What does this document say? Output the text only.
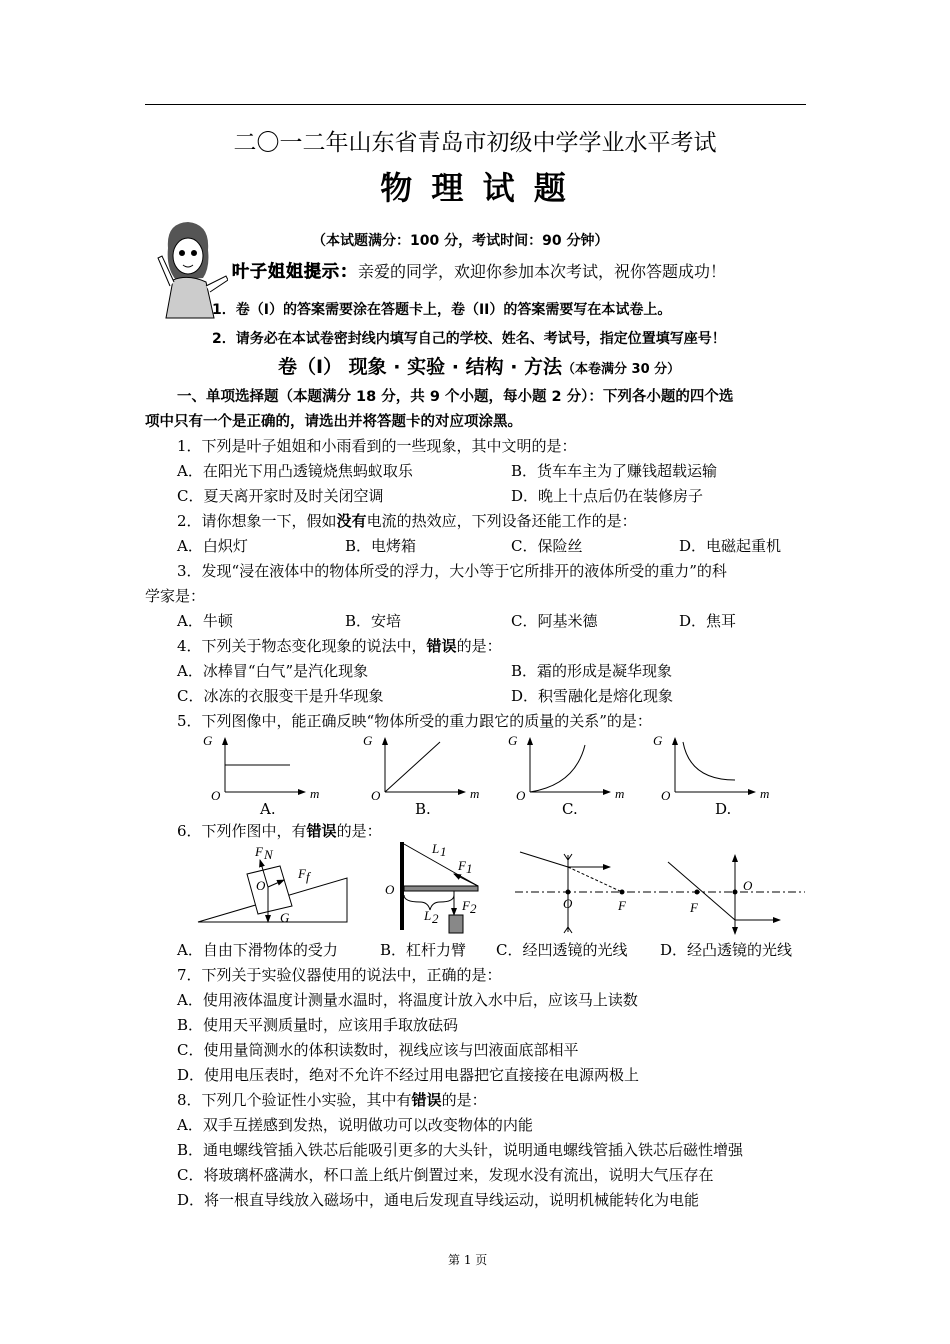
二〇一二年山东省青岛市初级中学学业水平考试
物 理 试 题
（本试题满分：100 分，考试时间：90 分钟）
叶子姐姐提示：亲爱的同学，欢迎你参加本次考试，祝你答题成功！
1．卷（I）的答案需要涂在答题卡上，卷（II）的答案需要写在本试卷上。
2．请务必在本试卷密封线内填写自己的学校、姓名、考试号，指定位置填写座号！
卷（I） 现象 · 实验 · 结构 · 方法（本卷满分 30 分）
一、单项选择题（本题满分 18 分，共 9 个小题，每小题 2 分）：下列各小题的四个选
项中只有一个是正确的，请选出并将答题卡的对应项涂黑。
1．下列是叶子姐姐和小雨看到的一些现象，其中文明的是：
A．在阳光下用凸透镜烧焦蚂蚁取乐	B．货车车主为了赚钱超载运输
C．夏天离开家时及时关闭空调	D．晚上十点后仍在装修房子
2．请你想象一下，假如没有电流的热效应，下列设备还能工作的是：
A．白炽灯	B．电烤箱	C．保险丝	D．电磁起重机
3．发现“浸在液体中的物体所受的浮力，大小等于它所排开的液体所受的重力”的科
学家是：
A．牛顿	B．安培	C．阿基米德	D．焦耳
4．下列关于物态变化现象的说法中，错误的是：
A．冰棒冒“白气”是汽化现象	B．霜的形成是凝华现象
C．冰冻的衣服变干是升华现象	D．积雪融化是熔化现象
5．下列图像中，能正确反映“物体所受的重力跟它的质量的关系”的是：
G
O	m
G
O	m
G
O	m
G
O	m
A.	B.	C.	D.
6．下列作图中，有错误的是：
F N
F f
O
G
O
L 1
F 1
L 2
F 2	O	F	F
O
A．自由下滑物体的受力	B．杠杆力臂 C．经凹透镜的光线 D．经凸透镜的光线
7．下列关于实验仪器使用的说法中，正确的是：
A．使用液体温度计测量水温时，将温度计放入水中后，应该马上读数
B．使用天平测质量时，应该用手取放砝码
C．使用量筒测水的体积读数时，视线应该与凹液面底部相平
D．使用电压表时，绝对不允许不经过用电器把它直接接在电源两极上
8．下列几个验证性小实验，其中有错误的是：
A．双手互搓感到发热，说明做功可以改变物体的内能
B．通电螺线管插入铁芯后能吸引更多的大头针，说明通电螺线管插入铁芯后磁性增强
C．将玻璃杯盛满水，杯口盖上纸片倒置过来，发现水没有流出，说明大气压存在
D．将一根直导线放入磁场中，通电后发现直导线运动，说明机械能转化为电能
第 1 页
